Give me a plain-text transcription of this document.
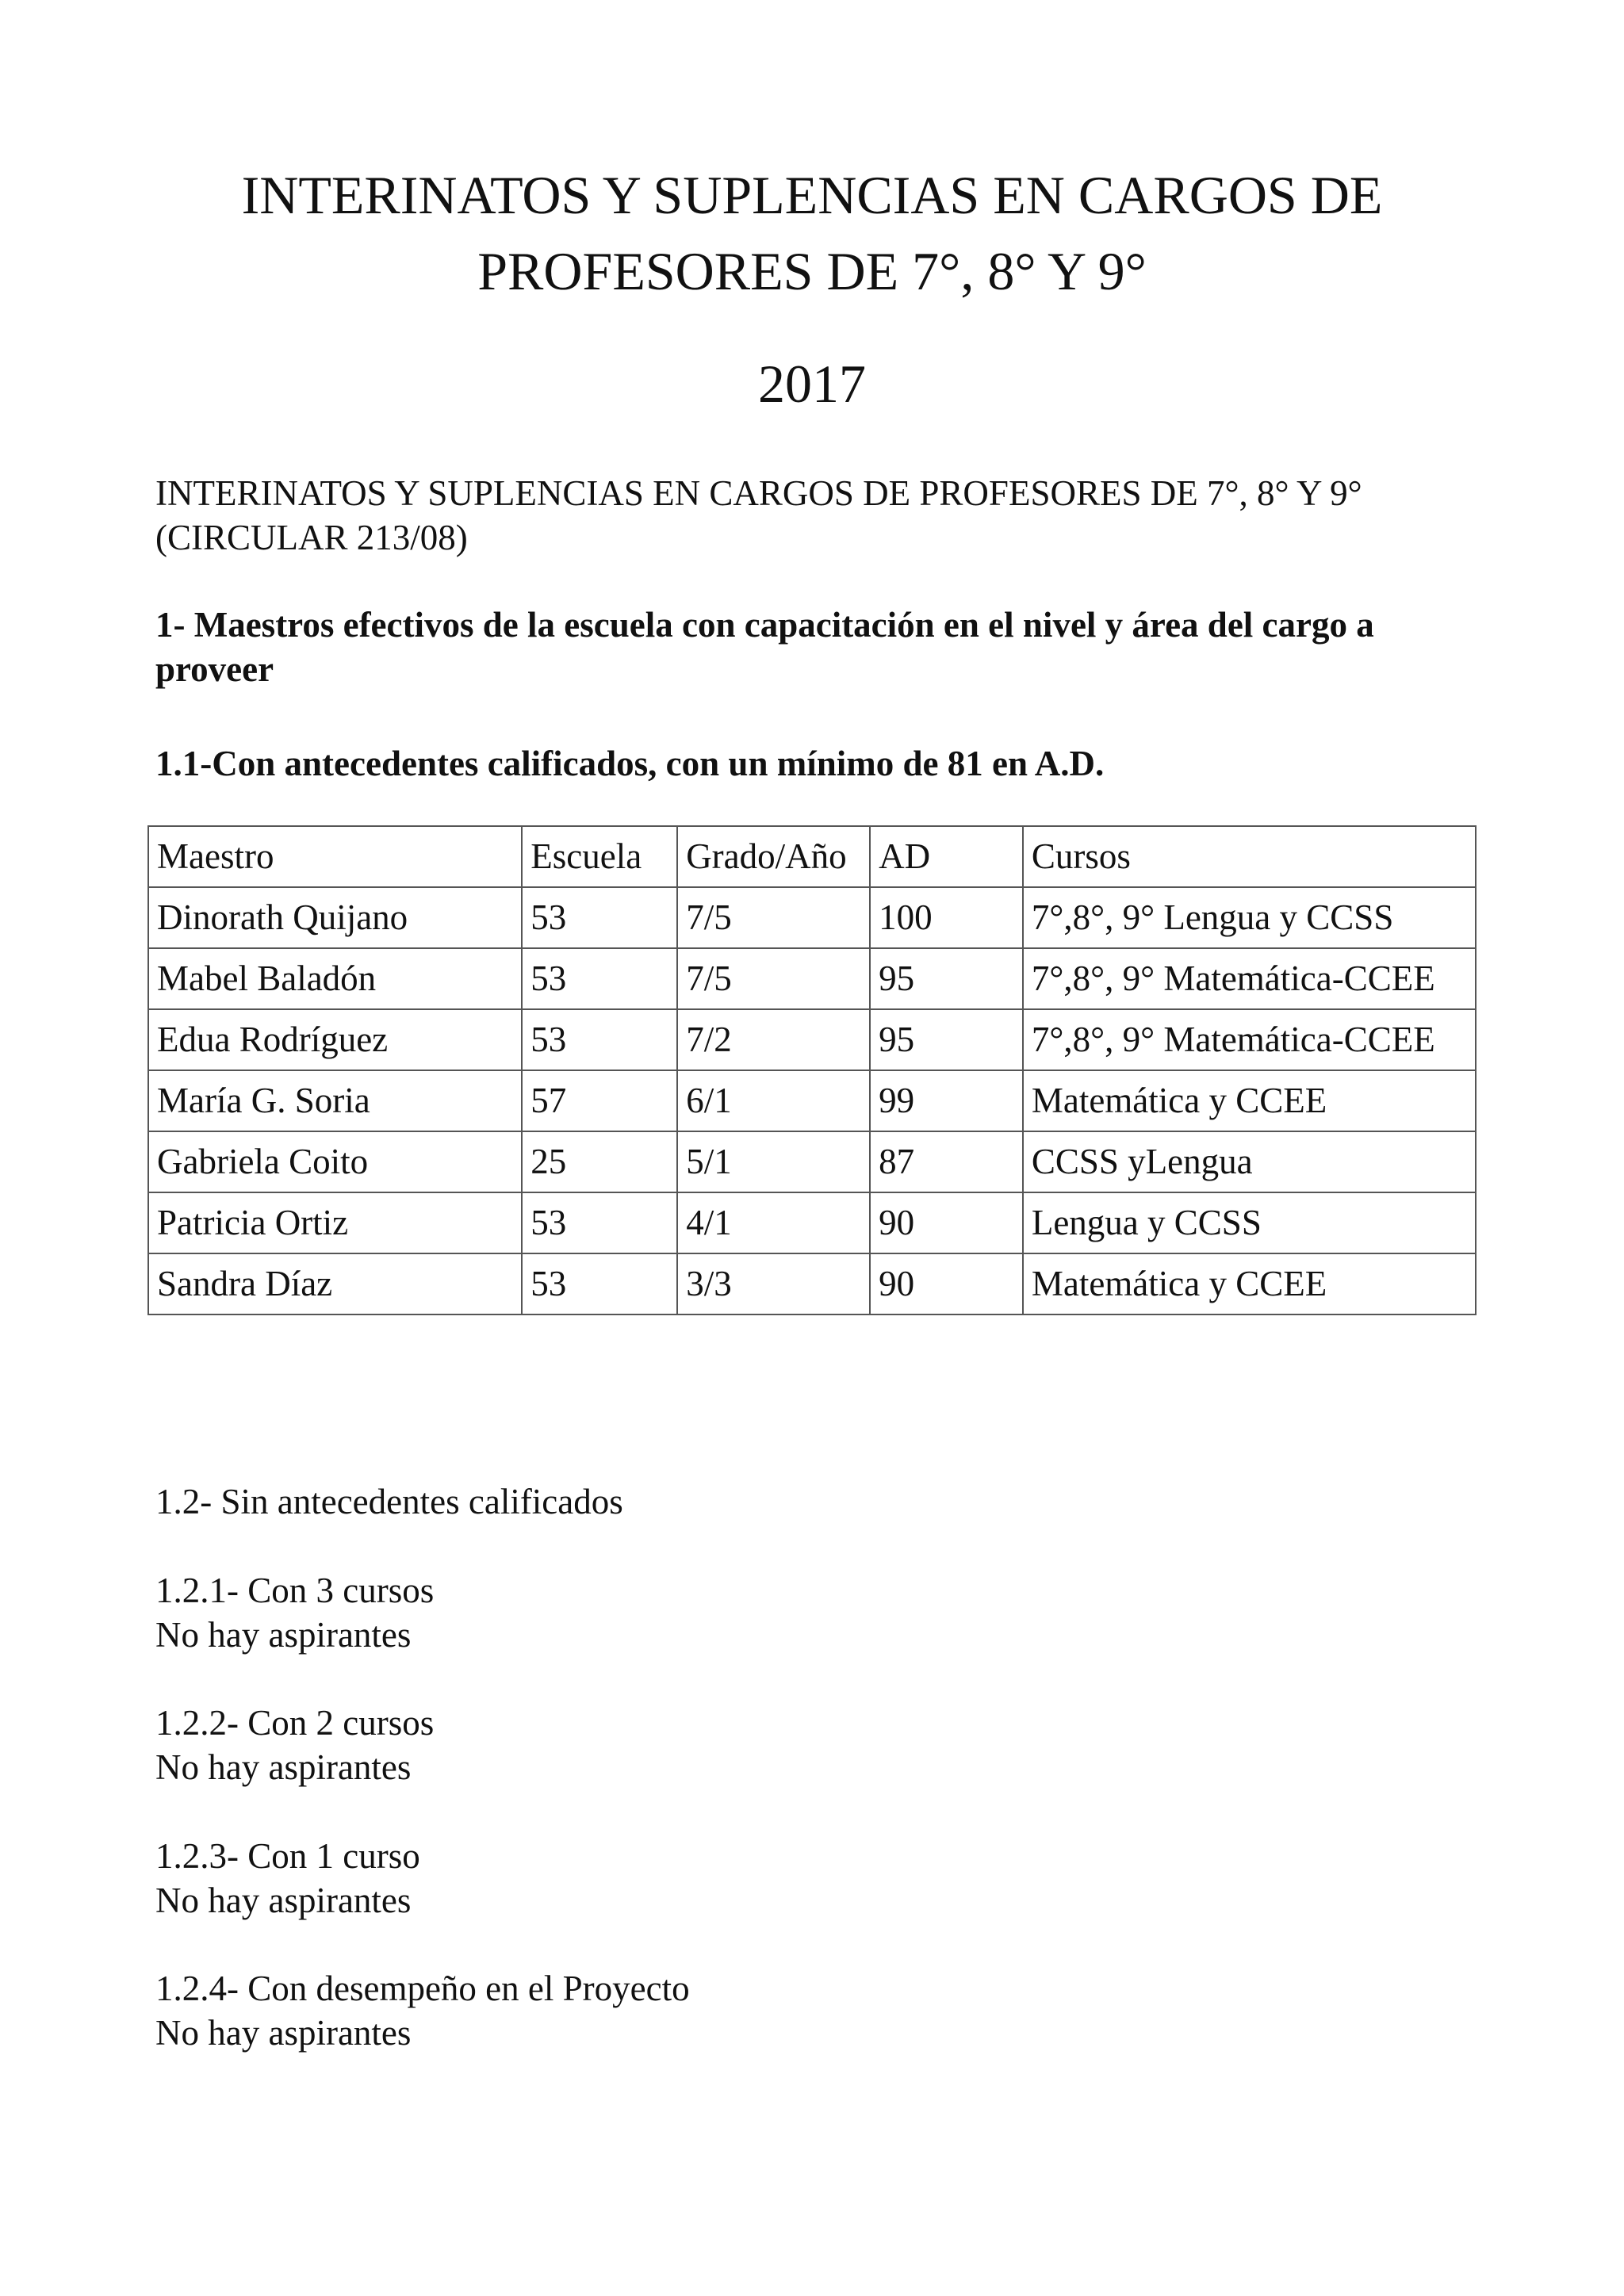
INTERINATOS Y SUPLENCIAS EN CARGOS DE
PROFESORES DE 7°, 8° Y 9°

2017

INTERINATOS Y SUPLENCIAS EN CARGOS DE PROFESORES DE 7°, 8° Y 9°
(CIRCULAR 213/08)

1- Maestros efectivos de la escuela con capacitación en el nivel y área del cargo a
proveer

1.1-Con antecedentes calificados, con un mínimo de 81 en A.D.

Maestro	Escuela	Grado/Año	AD	Cursos
Dinorath Quijano	53	7/5	100	7°,8°, 9° Lengua y CCSS
Mabel Baladón	53	7/5	95	7°,8°, 9° Matemática-CCEE
Edua Rodríguez	53	7/2	95	7°,8°, 9° Matemática-CCEE
María G. Soria	57	6/1	99	Matemática y CCEE
Gabriela Coito	25	5/1	87	CCSS yLengua
Patricia Ortiz	53	4/1	90	Lengua y CCSS
Sandra Díaz	53	3/3	90	Matemática y CCEE

1.2- Sin antecedentes calificados

1.2.1- Con 3 cursos
No hay aspirantes

1.2.2- Con 2 cursos
No hay aspirantes

1.2.3- Con 1 curso
No hay aspirantes

1.2.4- Con desempeño en el Proyecto
No hay aspirantes
